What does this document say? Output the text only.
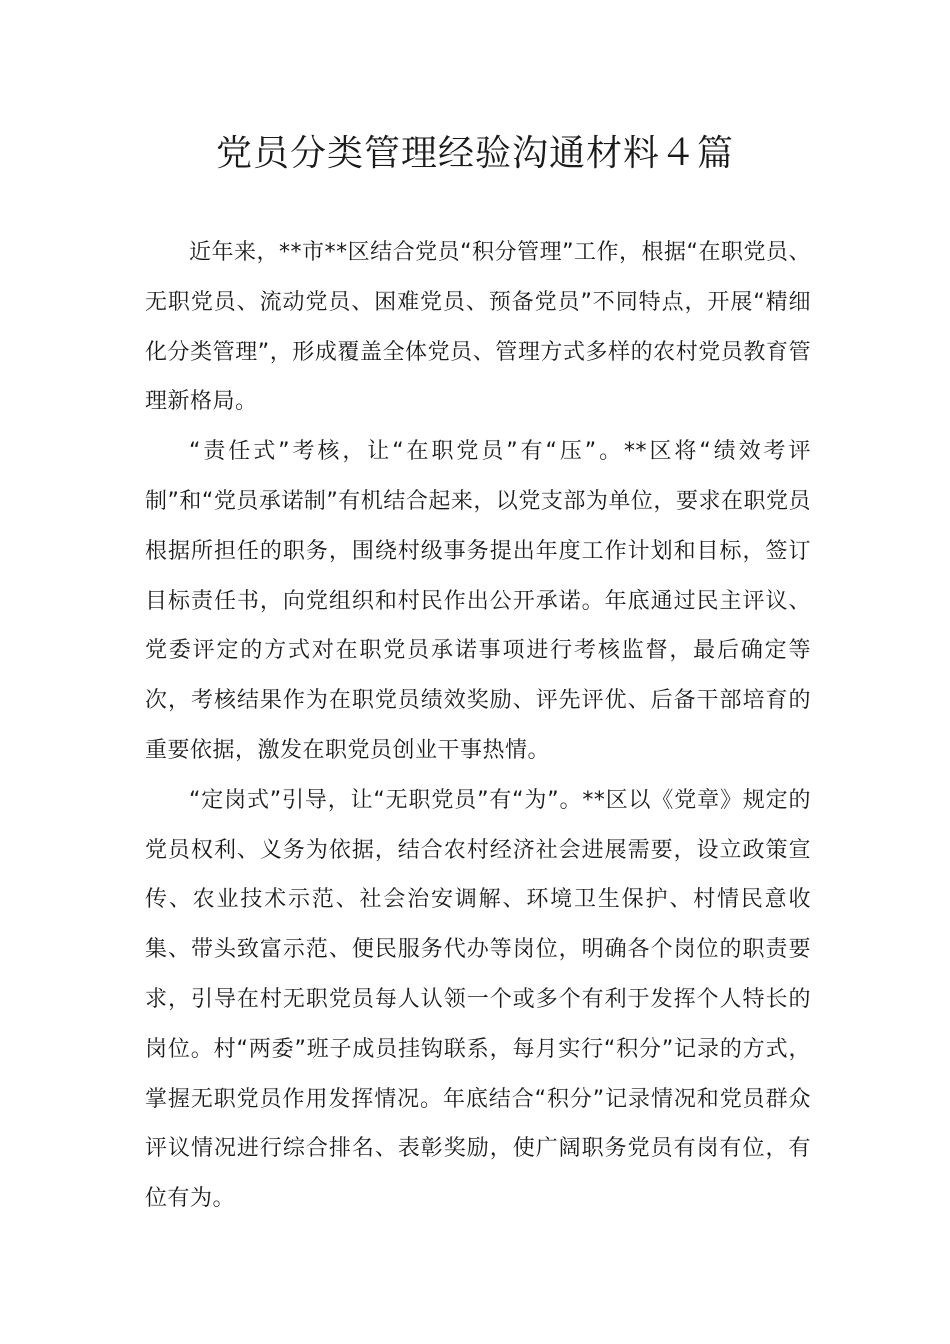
党员分类管理经验沟通材料４篇

近年来，**市**区结合党员“积分管理”工作，根据“在职党员、无职党员、流动党员、困难党员、预备党员”不同特点，开展“精细化分类管理”，形成覆盖全体党员、管理方式多样的农村党员教育管理新格局。

“责任式”考核，让“在职党员”有“压”。**区将“绩效考评制”和“党员承诺制”有机结合起来，以党支部为单位，要求在职党员根据所担任的职务，围绕村级事务提出年度工作计划和目标，签订目标责任书，向党组织和村民作出公开承诺。年底通过民主评议、党委评定的方式对在职党员承诺事项进行考核监督，最后确定等次，考核结果作为在职党员绩效奖励、评先评优、后备干部培育的重要依据，激发在职党员创业干事热情。

“定岗式”引导，让“无职党员”有“为”。**区以《党章》规定的党员权利、义务为依据，结合农村经济社会进展需要，设立政策宣传、农业技术示范、社会治安调解、环境卫生保护、村情民意收集、带头致富示范、便民服务代办等岗位，明确各个岗位的职责要求，引导在村无职党员每人认领一个或多个有利于发挥个人特长的岗位。村“两委”班子成员挂钩联系，每月实行“积分”记录的方式，掌握无职党员作用发挥情况。年底结合“积分”记录情况和党员群众评议情况进行综合排名、表彰奖励，使广阔职务党员有岗有位，有位有为。
